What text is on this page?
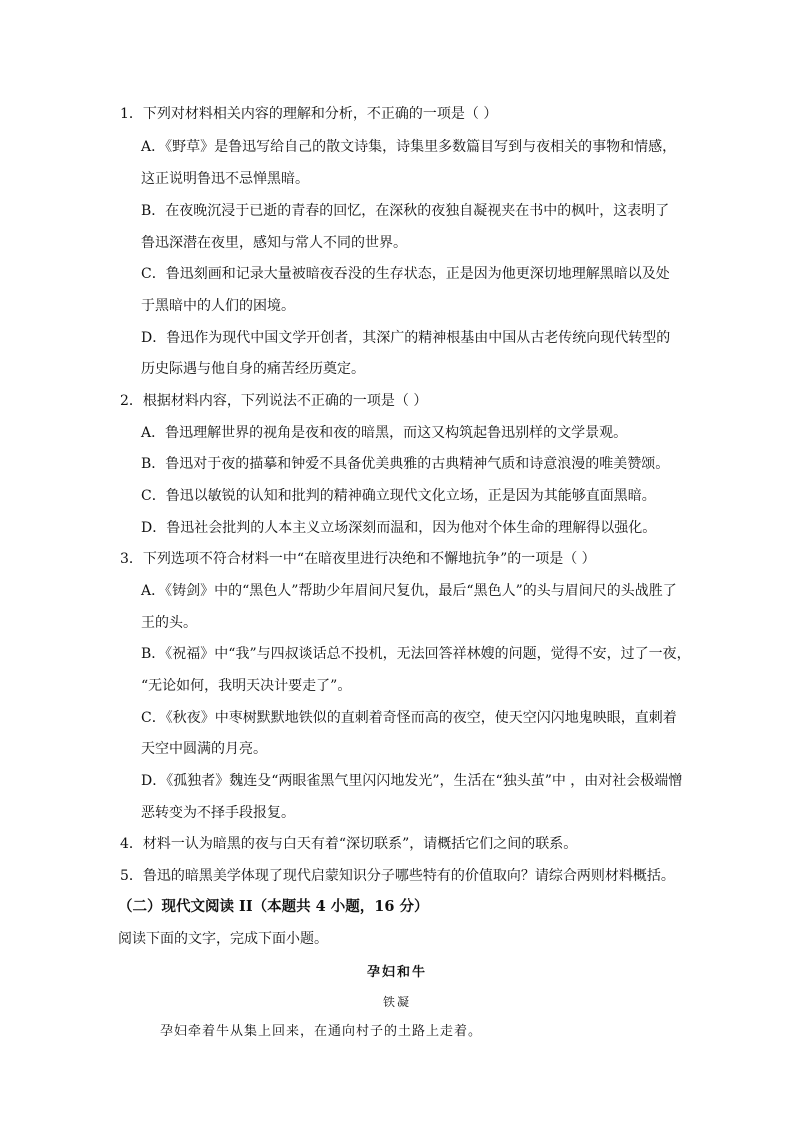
1．下列对材料相关内容的理解和分析，不正确的一项是（ ）
A．《野草》是鲁迅写给自己的散文诗集，诗集里多数篇目写到与夜相关的事物和情感，
这正说明鲁迅不忌惮黑暗。
B．在夜晚沉浸于已逝的青春的回忆，在深秋的夜独自凝视夹在书中的枫叶，这表明了
鲁迅深潜在夜里，感知与常人不同的世界。
C．鲁迅刻画和记录大量被暗夜吞没的生存状态，正是因为他更深切地理解黑暗以及处
于黑暗中的人们的困境。
D．鲁迅作为现代中国文学开创者，其深广的精神根基由中国从古老传统向现代转型的
历史际遇与他自身的痛苦经历奠定。
2．根据材料内容，下列说法不正确的一项是（ ）
A．鲁迅理解世界的视角是夜和夜的暗黑，而这又构筑起鲁迅别样的文学景观。
B．鲁迅对于夜的描摹和钟爱不具备优美典雅的古典精神气质和诗意浪漫的唯美赞颂。
C．鲁迅以敏锐的认知和批判的精神确立现代文化立场，正是因为其能够直面黑暗。
D．鲁迅社会批判的人本主义立场深刻而温和，因为他对个体生命的理解得以强化。
3．下列选项不符合材料一中“在暗夜里进行决绝和不懈地抗争”的一项是（ ）
A．《铸剑》中的“黑色人”帮助少年眉间尺复仇，最后“黑色人”的头与眉间尺的头战胜了
王的头。
B．《祝福》中“我”与四叔谈话总不投机，无法回答祥林嫂的问题，觉得不安，过了一夜，
“无论如何，我明天决计要走了”。
C．《秋夜》中枣树默默地铁似的直刺着奇怪而高的夜空，使天空闪闪地鬼映眼，直刺着
天空中圆满的月亮。
D．《孤独者》魏连殳“两眼雀黑气里闪闪地发光”，生活在“独头茧”中 ，由对社会极端憎
恶转变为不择手段报复。
4．材料一认为暗黑的夜与白天有着“深切联系”，请概括它们之间的联系。
5．鲁迅的暗黑美学体现了现代启蒙知识分子哪些特有的价值取向？请综合两则材料概括。
（二）现代文阅读 II（本题共 4 小题，16 分）
阅读下面的文字，完成下面小题。
孕妇和牛
铁凝
孕妇牵着牛从集上回来，在通向村子的土路上走着。
